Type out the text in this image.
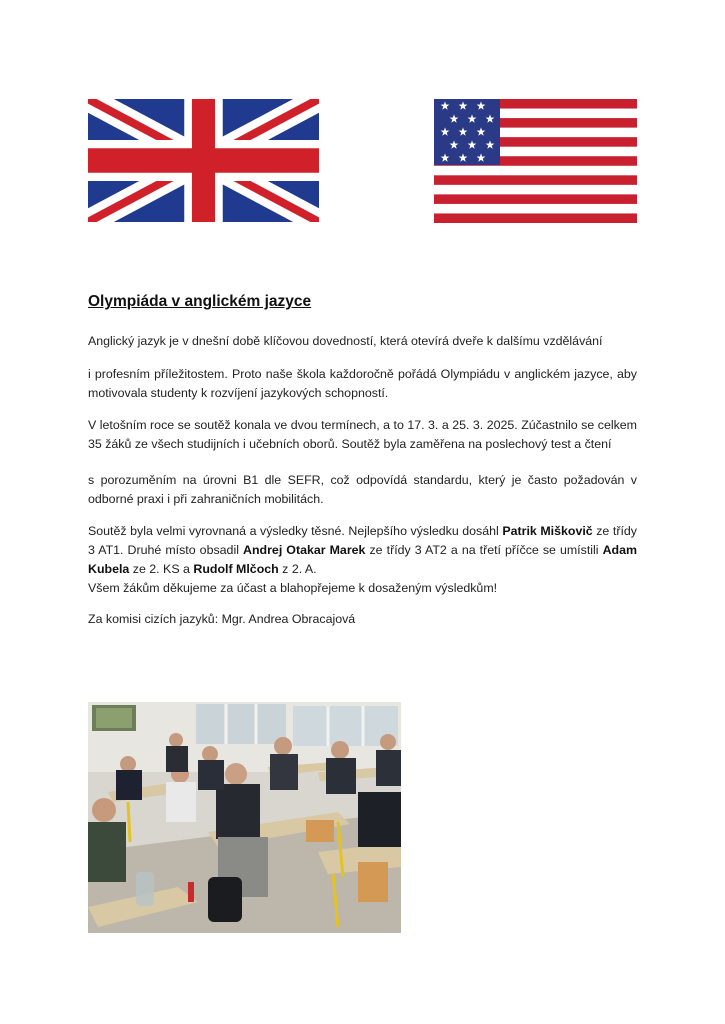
Olympiáda v anglickém jazyce

Anglický jazyk je v dnešní době klíčovou dovedností, která otevírá dveře k dalšímu vzdělávání

i profesním příležitostem. Proto naše škola každoročně pořádá Olympiádu v anglickém jazyce, aby motivovala studenty k rozvíjení jazykových schopností.

V letošním roce se soutěž konala ve dvou termínech, a to 17. 3. a 25. 3. 2025. Zúčastnilo se celkem 35 žáků ze všech studijních i učebních oborů. Soutěž byla zaměřena na poslechový test a čtení

s porozuměním na úrovni B1 dle SEFR, což odpovídá standardu, který je často požadován v odborné praxi i při zahraničních mobilitách.

Soutěž byla velmi vyrovnaná a výsledky těsné. Nejlepšího výsledku dosáhl Patrik Miškovič ze třídy 3 AT1. Druhé místo obsadil Andrej Otakar Marek ze třídy 3 AT2 a na třetí příčce se umístili Adam Kubela ze 2. KS a Rudolf Mlčoch z 2. A.
Všem žákům děkujeme za účast a blahopřejeme k dosaženým výsledkům!

Za komisi cizích jazyků: Mgr. Andrea Obracajová
